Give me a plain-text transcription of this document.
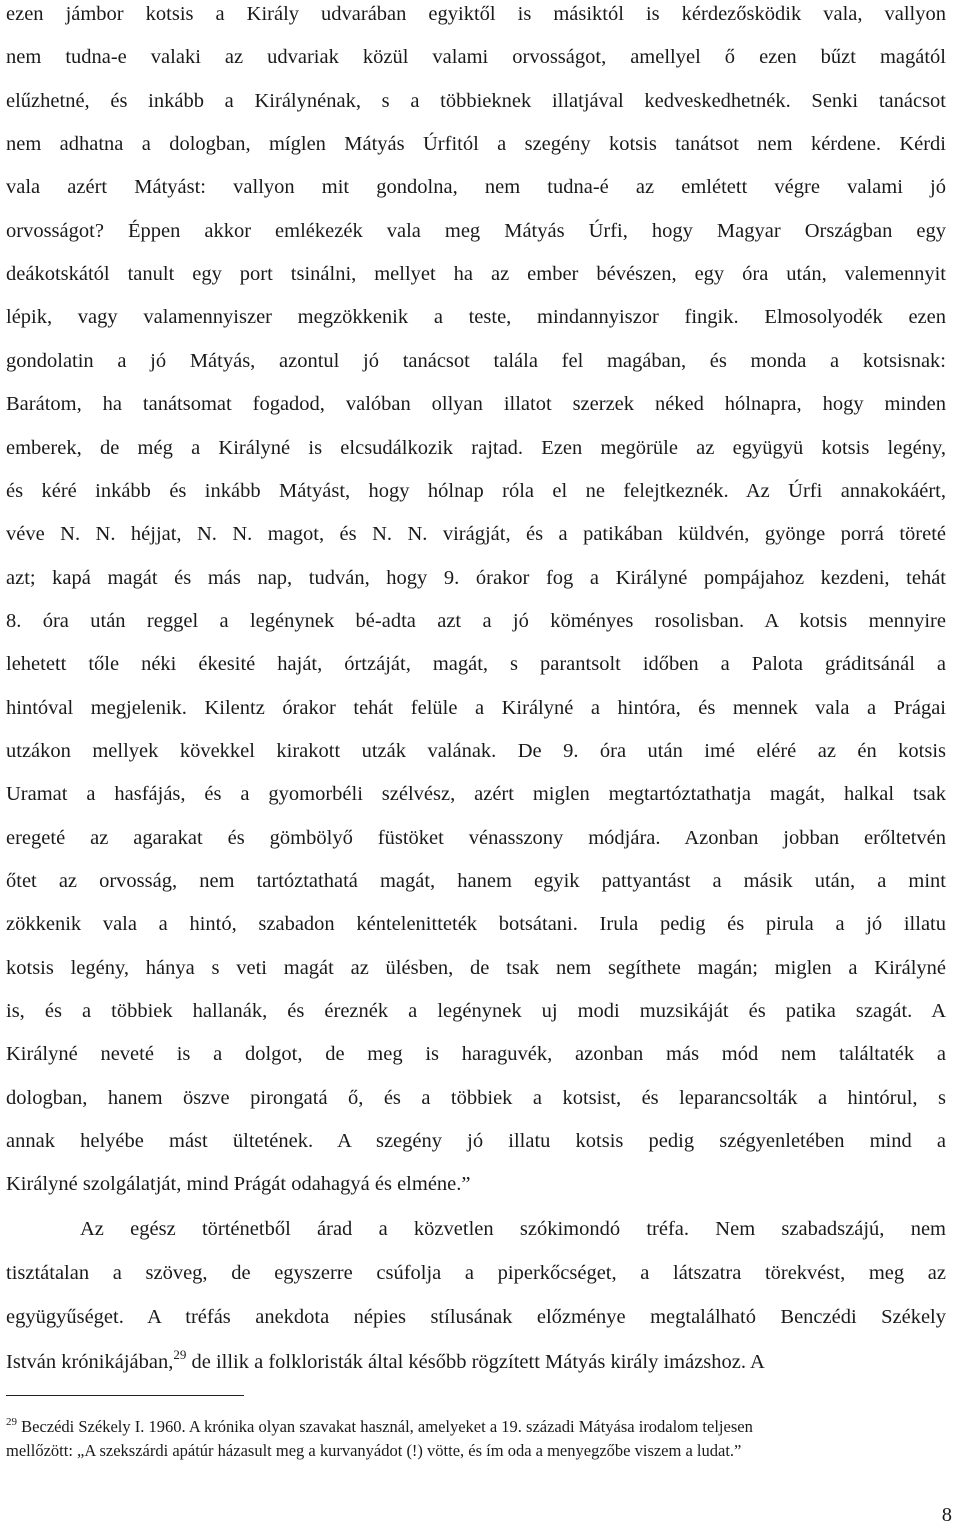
ezen jámbor kotsis a Király udvarában egyiktől is másiktól is kérdezősködik vala, vallyon
nem tudna-e valaki az udvariak közül valami orvosságot, amellyel ő ezen bűzt magától
elűzhetné, és inkább a Királynénak, s a többieknek illatjával kedveskedhetnék. Senki tanácsot
nem adhatna a dologban, míglen Mátyás Úrfitól a szegény kotsis tanátsot nem kérdene. Kérdi
vala azért Mátyást: vallyon mit gondolna, nem tudna-é az emlétett végre valami jó
orvosságot? Éppen akkor emlékezék vala meg Mátyás Úrfi, hogy Magyar Országban egy
deákotskától tanult egy port tsinálni, mellyet ha az ember bévészen, egy óra után, valemennyit
lépik, vagy valamennyiszer megzökkenik a teste, mindannyiszor fingik. Elmosolyodék ezen
gondolatin a jó Mátyás, azontul jó tanácsot talála fel magában, és monda a kotsisnak:
Barátom, ha tanátsomat fogadod, valóban ollyan illatot szerzek néked hólnapra, hogy minden
emberek, de még a Királyné is elcsudálkozik rajtad. Ezen megörüle az együgyü kotsis legény,
és kéré inkább és inkább Mátyást, hogy hólnap róla el ne felejtkeznék. Az Úrfi annakokáért,
véve N. N. héjjat, N. N. magot, és N. N. virágját, és a patikában küldvén, gyönge porrá töreté
azt; kapá magát és más nap, tudván, hogy 9. órakor fog a Királyné pompájahoz kezdeni, tehát
8. óra után reggel a legénynek bé-adta azt a jó köményes rosolisban. A kotsis mennyire
lehetett tőle néki ékesité haját, órtzáját, magát, s parantsolt időben a Palota gráditsánál a
hintóval megjelenik. Kilentz órakor tehát felüle a Királyné a hintóra, és mennek vala a Prágai
utzákon mellyek kövekkel kirakott utzák valának. De 9. óra után imé eléré az én kotsis
Uramat a hasfájás, és a gyomorbéli szélvész, azért miglen megtartóztathatja magát, halkal tsak
eregeté az agarakat és gömbölyő füstöket vénasszony módjára. Azonban jobban erőltetvén
őtet az orvosság, nem tartóztathatá magát, hanem egyik pattyantást a másik után, a mint
zökkenik vala a hintó, szabadon kéntelenitteték botsátani. Irula pedig és pirula a jó illatu
kotsis legény, hánya s veti magát az ülésben, de tsak nem segíthete magán; miglen a Királyné
is, és a többiek hallanák, és éreznék a legénynek uj modi muzsikáját és patika szagát. A
Királyné neveté is a dolgot, de meg is haraguvék, azonban más mód nem találtaték a
dologban, hanem öszve pirongatá ő, és a többiek a kotsist, és leparancsolták a hintórul, s
annak helyébe mást ültetének. A szegény jó illatu kotsis pedig szégyenletében mind a
Királyné szolgálatját, mind Prágát odahagyá és elméne.”
Az egész történetből árad a közvetlen szókimondó tréfa. Nem szabadszájú, nem
tisztátalan a szöveg, de egyszerre csúfolja a piperkőcséget, a látszatra törekvést, meg az
együgyűséget. A tréfás anekdota népies stílusának előzménye megtalálható Benczédi Székely
István krónikájában,$^{29}$ de illik a folkloristák által később rögzített Mátyás király imázshoz. A
$^{29}$ Beczédi Székely I. 1960. A krónika olyan szavakat használ, amelyeket a 19. századi Mátyása irodalom teljesen
mellőzött: „A szekszárdi apátúr házasult meg a kurvanyádot (!) vötte, és ím oda a menyegzőbe viszem a ludat.”
8
